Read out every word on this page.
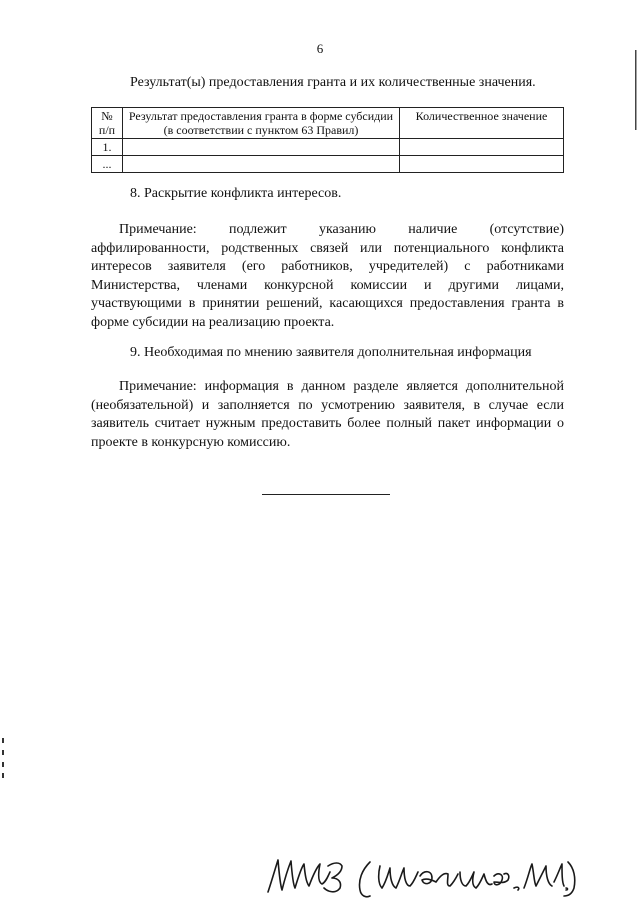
6
Результат(ы) предоставления гранта и их количественные значения.
№ п/п	Результат предоставления гранта в форме субсидии (в соответствии с пунктом 63 Правил)	Количественное значение
1.		
...		
8. Раскрытие конфликта интересов.

Примечание: подлежит указанию наличие (отсутствие) аффилированности, родственных связей или потенциального конфликта интересов заявителя (его работников, учредителей) с работниками Министерства, членами конкурсной комиссии и другими лицами, участвующими в принятии решений, касающихся предоставления гранта в форме субсидии на реализацию проекта.

9. Необходимая по мнению заявителя дополнительная информация

Примечание: информация в данном разделе является дополнительной (необязательной) и заполняется по усмотрению заявителя, в случае если заявитель считает нужным предоставить более полный пакет информации о проекте в конкурсную комиссию.
